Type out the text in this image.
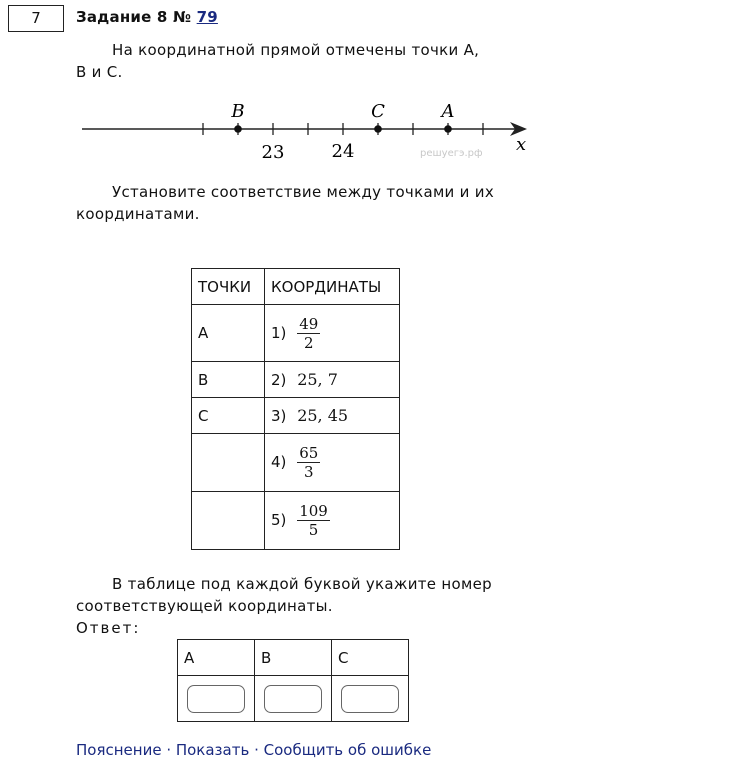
7	Задание 8 № 79
На координатной прямой отмечены точки A,
B и C.
B	C	A
23	24	x
решуегэ.рф
Установите соответствие между точками и их
координатами.
ТОЧКИ	КООРДИНАТЫ
A	$1) \frac{49}{2}$

B	2) 25, 7
C	3) 25, 45
	$4) \frac{65}{3}$

	$5) \frac{109}{5}$
В таблице под каждой буквой укажите номер
соответствующей координаты.
Ответ:
A	B	C

Пояснение · Показать · Сообщить об ошибке
